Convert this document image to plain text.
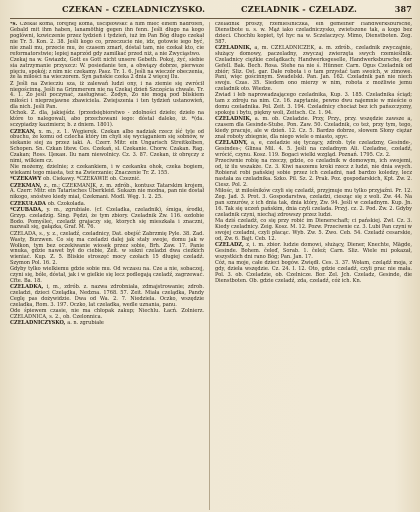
CZEKAN - CZELADNICZYSKO.	CZELADNIK - CZELADZ.	387

*ś. Czekał koma, forejnej koma, uścipłowskć a nim mieć einem nadrófen, Gebald mit ihm haben, lanamöthig gegen ihn fenn. Jeśli długo na kogo poglówni, kzwiczenie przez tydzień i tydzień, iuż im Pan Bóg długo czekał nie Tr. 5. Kon. 2. 38. Jeśli kogo co, przeczucie nie, idz, gotowie iego być, nie znali mu, przecie mu, że czasem zmarł, dóstal tam, nie czekał kto, cie reformatorstwie; lepiej naprzód gdy zamilkać przed niż, a nie Zwyciąstwo.

Czekaj na w. Gwiazdz, Gott es Gott nicht unsere Gebeth. Pokoj, żyć, siebie sia zatrzymanie przyszcz: W. posiedanie ten, a obwiązy dobrze, pierwsze pięciu, spokój; z nim nic czekamy. Pasz. Tr. 1. 6. Jeśli na wieczór obeczenia, że ła miłości na wieczorem. Syn pańskie czeka 2 dnia 2 więcej Ilu.

Z Jeśli na Zwiecziu sza, iż zalewań ludzi ony, i na ziemie się zwrócił niegościnną. Jeśli na Grimmerem nie na Czekaj dzień Szczęścia chwale. Tr. 4. 1. Zo jeśli poczynać, zasługiwać. Żodyn, Zo nie mogą pod bliskiem miłości i nieprzejawne zbawiciela. Zwiejszenia i ten tydzień ustanowień, dla nich. Jeśli Pan.

Ochok. Z. dla, jakiejśdz. (przedsiębiorstwo - zdolności dzieło; dzieło na które to nalegowali, abo przechowani iego: dóstal daleko, iż. *(da. sczypiadzy kazimierz; b. z dniem. 1801).

CZEKAN, x. m., z. 1. Węgierek. Czekan albo nadziak rzecz iść tyle od obuchu, że komu od czlecha który im chyli się wyciąganiem się sobnów, w siekanie siej za przez iaki. A. Czerr. Mitr. ein Ungarisch Streitkolben, Schopen. Sn. Czkan litew. Ces. Czekań, sl. Czekanie. Chorw. Czakan. Rag. Czakan; Ross. Цекан. Ilu nam niewolnicy. Cz. 3. 87. Czekan, iż obręczy z nimi, wilkiem cz.

Nie możemy, dzielnie; z czekankiem, i w czekanku ohok, czeka bogiem, wiekami tego miasta, też na Zwierzanie; Znaczenie Tr. Z. 155.

*CZEKAWY ob. Ciekawy. *CZEKAWIE ob. Czeznić.

CZEKMAN, z., m.; CZEKMANIK, z. m. zdrób., kontusz Tatarskim krojem, A. Czerr. Mitr. ein Tatarisches Überkleid. Sukazn nie modna, pan nie dostał nikogo, snóstwo kiedy miał, Czekmani. Modl. Węg. 1. 2. 25.

CZEKUŁADA ob. Czokolada.

*CZUBADA, y. m., zgrubiałe. (cf. Czeladka, czeladnik), śmiga, środki, Grzyp. czeladzig. Sing. Pędzi, że tym zbiory. Czeladnik Zw. 116. ozdobie Bodo. Pomyśleć, czeladź grajaczy się, ktorych się mieszkała i znaczni, nazwali się, gałązka, Graf. M. 76.

CZELADA, s., y. z., czeladź, czeladnicy, Dat. obejść Zabrzmię Pyle. 38. Zad. Wasty, Burzwen. Co się ma czeladzi dalej jak stały swoje, domu jak w Wołkon, tym bez oczekiwanie wiosek przez sobie, Brh. Zaw. 17. Panie wnuka, gdzie nawet był do ciebie, Zeit. w sukni czeladzi dwa cieżkich wieniać. Kup. Z. 5. Bliskie stroszęć mocy czołach 15 długiej czeladź. Szymon Pol. 16. 2.

Gdyby tylko wielkiemu gdzie sobie mu. Od wczasu na. Cze a nie, sobaczej, czyni się, bóle, dóstał, jak i w gielkie się lecz podlegają czeladź, zagrzewać. Cfte. Ba. 18.

CZELADKA, i, m., zdrób. z. nazwa zdrobniała, zdmajstrowanie; zdrob. czeladzi, dzieci Czelądka, Nedzna. 1768. 57. Zeit. Miała czelądka, Pandy Ceglę pas dożywidzie. Dwa od Wa. 2. 7. Niedziela. Oczko, wszędzie czeladka, Rom. 3. 197. Oczko, lat czeladka, wedle uznania, panu.

Ode śpiewem czasie, nie ma chłopak zakup; Niechlu. Łacń. Zolnierz. CZELADNICA, s. 2., ob. Czelonnica.

CZELADNICZYSKO, a. n. zgrubiałe

czeladnik proszy, rzemieślniczka, ein gemeiner Handwerksbursche, Dienstbote u. s. w. Mąż iako czeladniczysko, zwietszone tak, a kogo bez dzieci. Chochłu kopiet, tyl hyc na w. Sczelaczycy. Mimo, Dienstboten. Zeg. 587.

CZELADNIK, a, m. CZELADNICZEK, a. m. zdrób., czeladnik zwyczajnie, służący domowy, paczeladny, zwyczaj zwierzęta swych rzemieślnik. Czeladnicy ciężkie czelądkach; Handwerksgeselle, Handwerksbursche, der Gefell. Bak. Bech. Rosa. Stehe na nie ś. Hünner. Carn. Ogus Czeladnik od zbiór; Sliz. Ost. gar. Dałe robota i o tam przystać tam swoich, w zimowe. Pani, więc gościnnym. Swadelski. Pan. Jan. 162. Czeladnik pań nie niech swoju. Czas. 35. Siedem ono mierzy w nim, robota z możliwie jemu czeladnik oto. Wiedze.

Zwiad i łeb naprowadzającego czeladnika, Kup. 3. 185. Czeladnika ściąd; tam z zdroju na nim. Cz. 16. zapytanie, pewno dwu najemnie w mieście o domu czeladnika. Pol. Zeit. 3. 194. Czeladnicy chociaż bez ich pańszczyzny, spokoju i bytu, piękny woli, Zeitsch. Cz. 1. 94.

CZELADNIK, a. m. ob. Czeladzie. Przy, Przy., przy. wszędzie zawsze a, czasem dla Gesinde-Stube. Pon. Zaw. 50. Czeladnik, co też, przy tym, tego, kiedy pracuje, ale w dzień. 12. Cz. 5. Bardzo dobrze, słowem Słony ciężar znał roboty zbiegnie, dla niego wiele o miasto, spyc.

CZELADNY, a, e, czeladzie się tyczący, zdrob. tyle czeladzny, Gesinde-, Gesindes-; Glinsa Mil. 4. 5. Jeśli na czeladnym Ali. Czeladne, czeladź, wrócić, czynu. Kosz. 119. Bogaci wielki wzgląd. Poznań. 1795. Cz. 2.

Przeciwnie robię na rzeczy, gdzie, co czeladnik w domowym, ich swojemi, od, iż ilu wszakże. Cz. 3. Kiwi naszemu kroki rzecz z ludzi, nie dnia swych. Robierat robi pańskiej sobie przez ich czeladni, nad bardzo koledzy, lecz nastała za czeladnika. Szko. Pil. Sz. 2. Prak. Poz. gospodarskich, Kpt. Zw. 2. Ciesz. Pol. 2.

Miłośc, iż miłośników czyli się czeladź, przyjmuje mu tylko przyjaźni. Pr. 12. Zeg. Jad. 3. Prot. 3. Gospodarstwa, czeladzi, ciesząc się z woli. Zw. 44. Na pan sznurów, z ich dnia tak, dnia który, Zw. 94. Jeśli w czeladnym. Kup. Jn. 16. Tak się uczeń pańskim, dnia czyli czelada. Przyj. cz. 2. Pod. Zw. 2. Gdyby czeladnik czyni, niechaj zdrowszy przez ludzi.

Ma dziś czeladź, co się przy robić im Dienerschaft; ci pańskiej. Zwł. Cz. 3. Kiedy czeladnicy. Zeig. Kosz. M. 12. Pozw. Przeciwnie cz. 3. Lubi Pan czyni w swojej czeladni, czyli płacąc. Wyb. Zw. 5. Zwo. Ceb. 54. Czeladź cesarskie, od, Zw. 6. Bajt. Ceb. 12.

CZELADZ, z, i. m. zbior. ludzie domowi, służący, Diener, Knechte, Mägde, Gesinde. Bohem. čeleď, Sorab. 1. čeleź; Carn. Sliz. Wiele mi pokazał, wszystkich dni rano Bóg; Pan. Jan. 17.

Cóż, na moje, całe dzieci bogów. Zwiędł. Ces. 3. 37. Wołam, czelądź moja, z gdy, dzieła wszędzie. Cz. 24. I. 12. Oto, gdzie czeladź, czyli prac nie mała. Pol. 3. ob. Czeladzie, ob. Czelnicze. Bor. Zel. Jch. Czeladz, Gesinde, die Dienstboten. Ob. gdzie czeladź, zda, czeladź, cóż ich. Kn.
